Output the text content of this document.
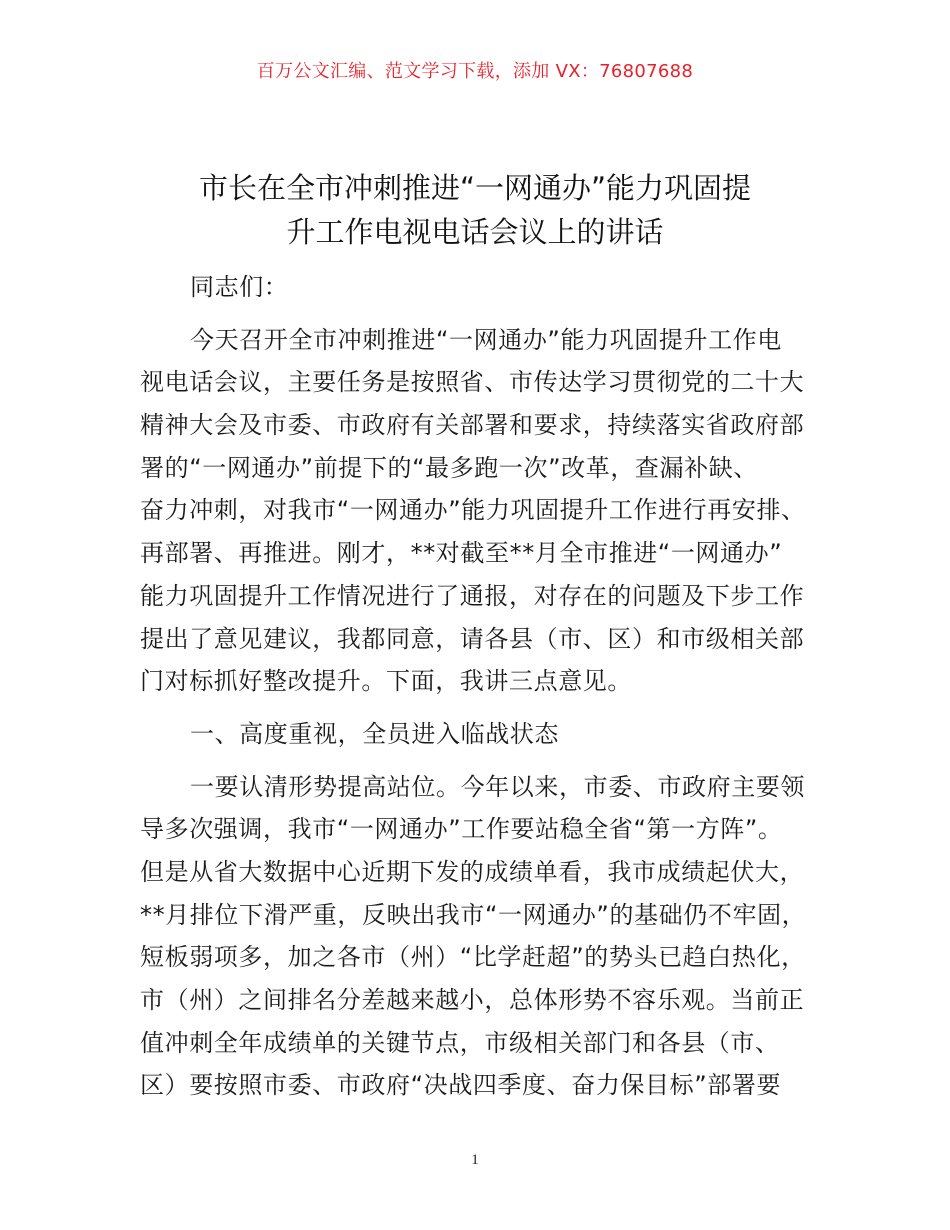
百万公文汇编、范文学习下载，添加 VX：76807688
市长在全市冲刺推进“一网通办”能力巩固提
升工作电视电话会议上的讲话
同志们：
今天召开全市冲刺推进“一网通办”能力巩固提升工作电
视电话会议，主要任务是按照省、市传达学习贯彻党的二十大
精神大会及市委、市政府有关部署和要求，持续落实省政府部
署的“一网通办”前提下的“最多跑一次”改革，查漏补缺、
奋力冲刺，对我市“一网通办”能力巩固提升工作进行再安排、
再部署、再推进。刚才，**对截至**月全市推进“一网通办”
能力巩固提升工作情况进行了通报，对存在的问题及下步工作
提出了意见建议，我都同意，请各县（市、区）和市级相关部
门对标抓好整改提升。下面，我讲三点意见。
一、高度重视，全员进入临战状态
一要认清形势提高站位。今年以来，市委、市政府主要领
导多次强调，我市“一网通办”工作要站稳全省“第一方阵”。
但是从省大数据中心近期下发的成绩单看，我市成绩起伏大，
**月排位下滑严重，反映出我市“一网通办”的基础仍不牢固，
短板弱项多，加之各市（州）“比学赶超”的势头已趋白热化，
市（州）之间排名分差越来越小，总体形势不容乐观。当前正
值冲刺全年成绩单的关键节点，市级相关部门和各县（市、
区）要按照市委、市政府“决战四季度、奋力保目标”部署要
1
